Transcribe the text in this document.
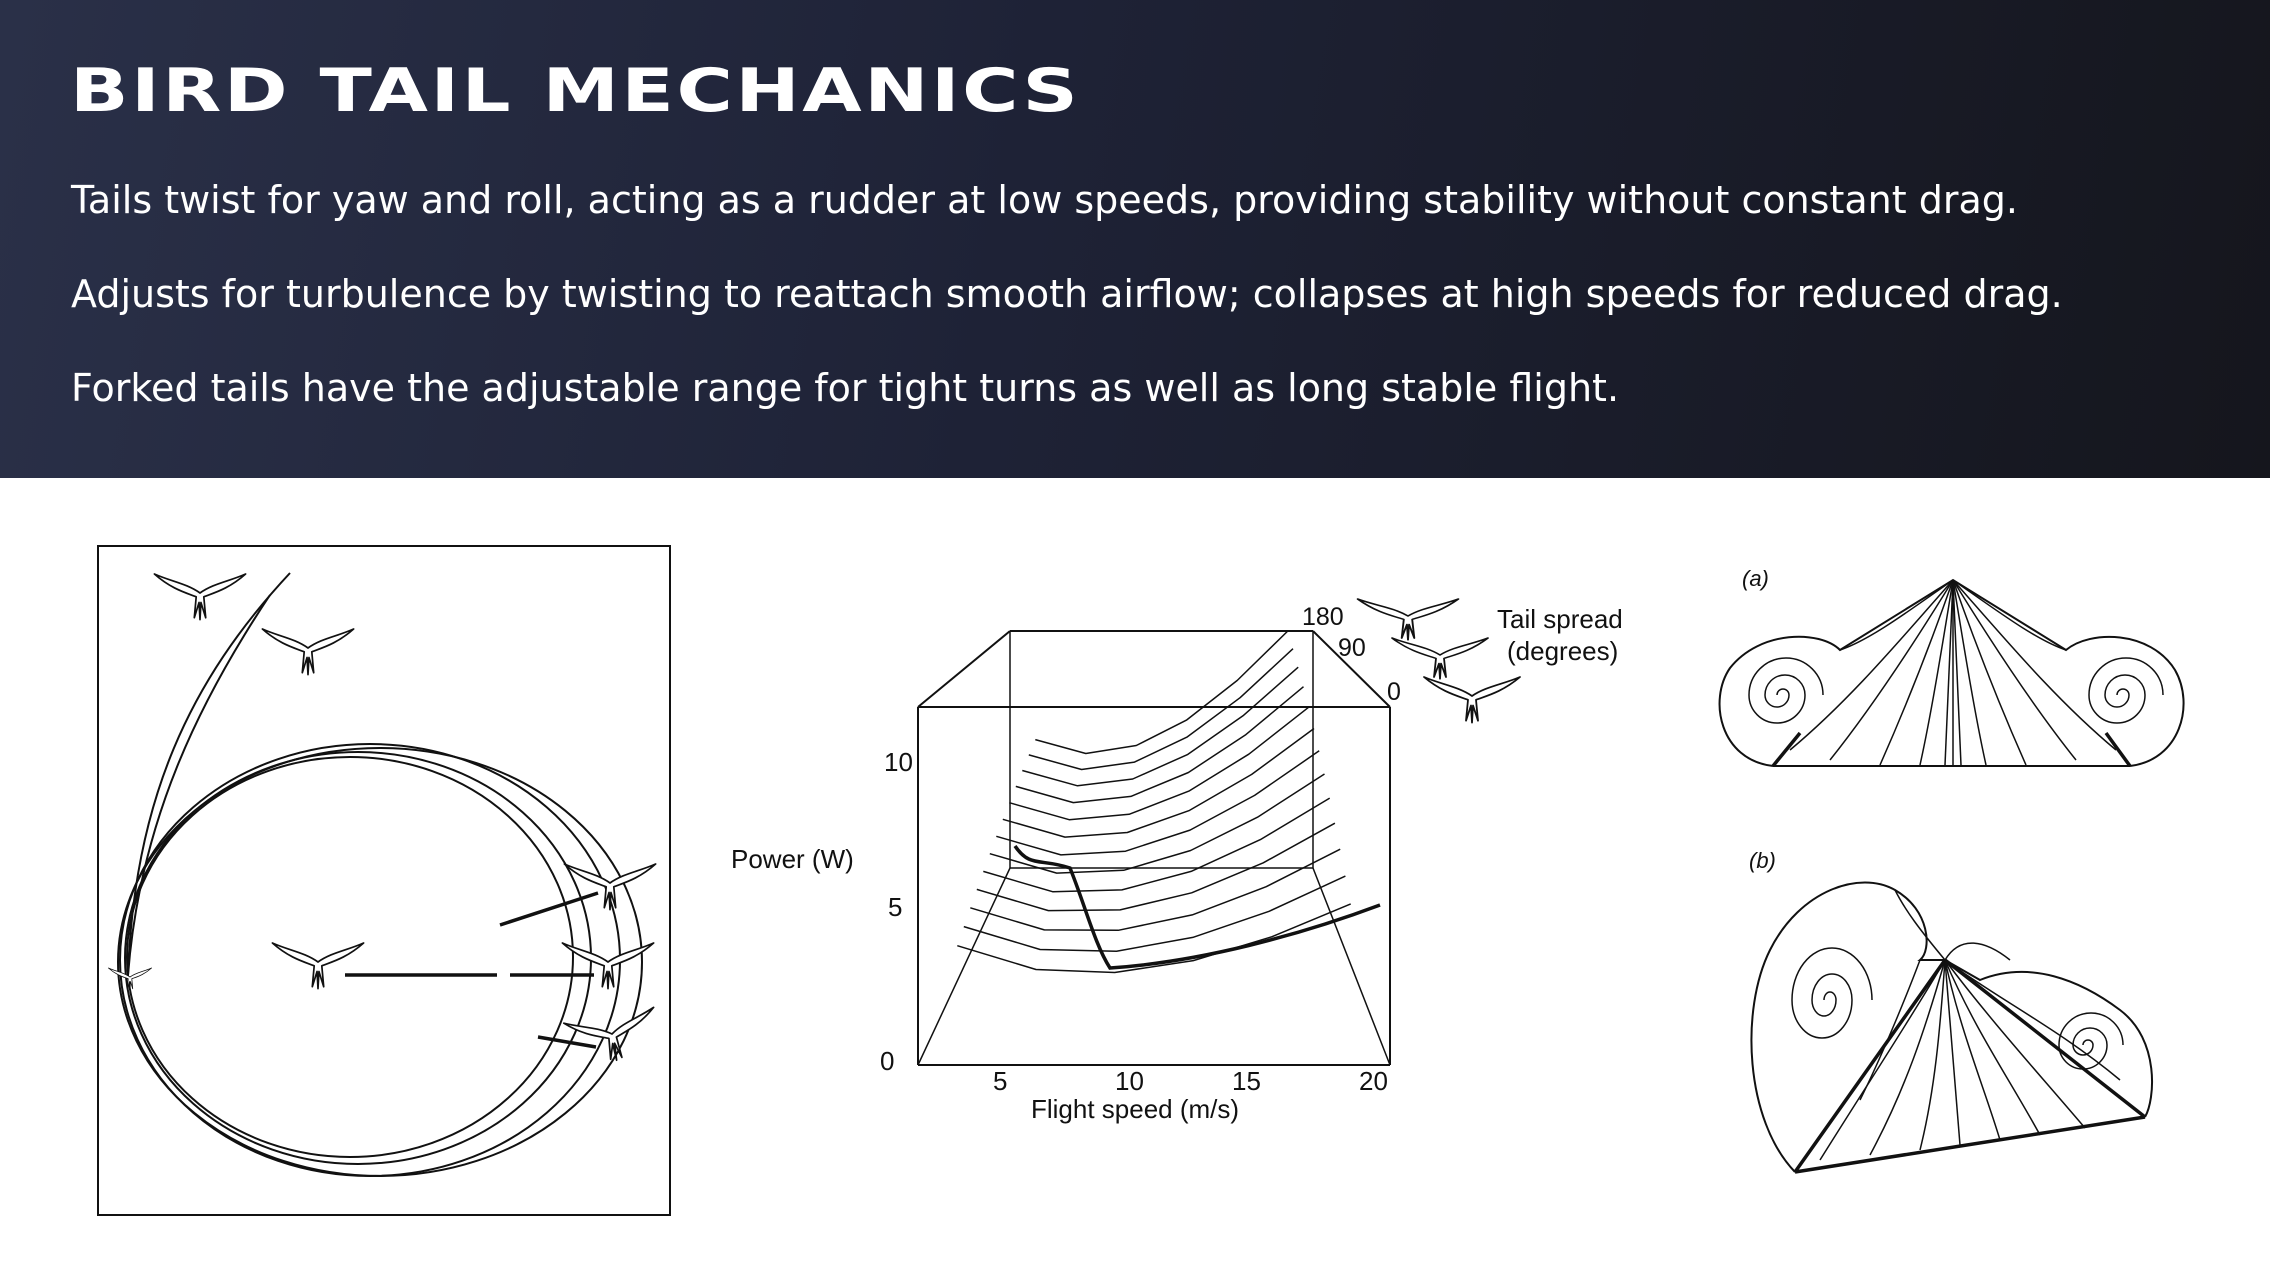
BIRD TAIL MECHANICS

Tails twist for yaw and roll, acting as a rudder at low speeds, providing stability without constant drag.

Adjusts for turbulence by twisting to reattach smooth airflow; collapses at high speeds for reduced drag.

Forked tails have the adjustable range for tight turns as well as long stable flight.

Power (W)
0
5
10
5	10	15	20
Flight speed (m/s)
180
90
0
Tail spread
(degrees)
(a)
(b)
